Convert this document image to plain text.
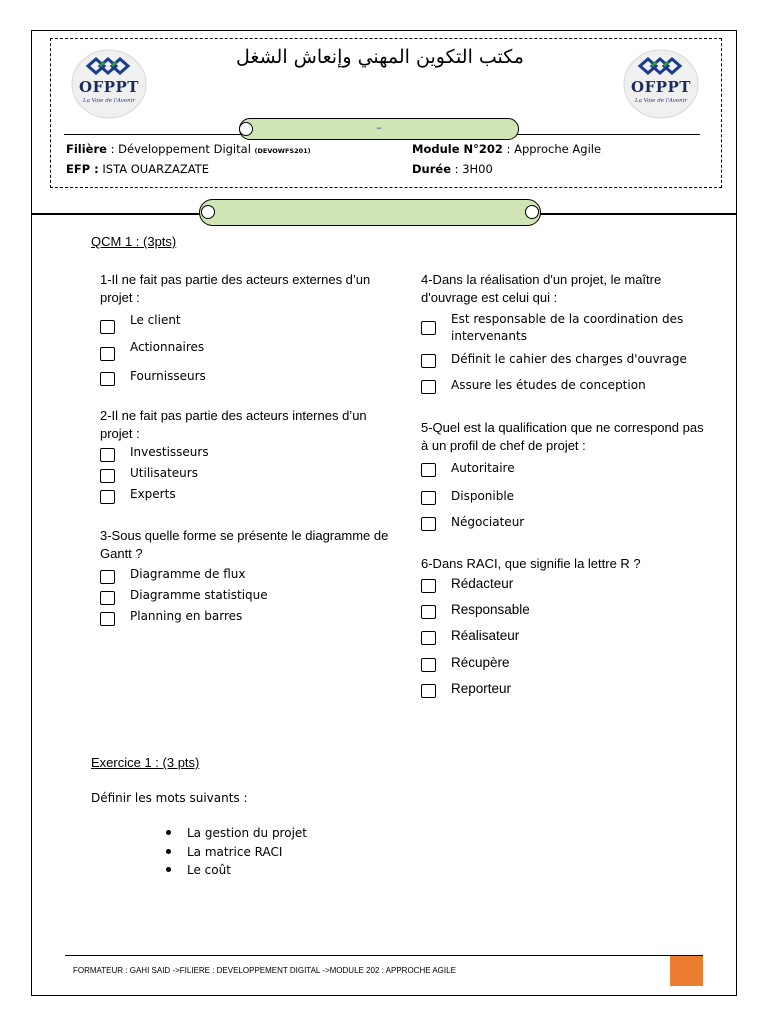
OFPPT
La Voie de l'Avenir
OFPPT
La Voie de l'Avenir
مكتب التكوين المهني وإنعاش الشغل
–
Filière : Développement Digital (DEVOWFS201)	Module N°202 : Approche Agile
EFP : ISTA OUARZAZATE	Durée : 3H00
QCM 1 : (3pts)
1-Il ne fait pas partie des acteurs externes d’un projet :
Le client
Actionnaires
Fournisseurs
2-Il ne fait pas partie des acteurs internes d’un projet :
Investisseurs
Utilisateurs
Experts
3-Sous quelle forme se présente le diagramme de Gantt ?
Diagramme de flux
Diagramme statistique
Planning en barres
4-Dans la réalisation d'un projet, le maître d'ouvrage est celui qui :
Est responsable de la coordination des intervenants
Définit le cahier des charges d'ouvrage
Assure les études de conception
5-Quel est la qualification que ne correspond pas à un profil de chef de projet :
Autoritaire
Disponible
Négociateur
6-Dans RACI, que signifie la lettre R ?
Rédacteur
Responsable
Réalisateur
Récupère
Reporteur
Exercice 1 : (3 pts)
Définir les mots suivants :
La gestion du projet
La matrice RACI
Le coût
FORMATEUR : GAHI SAID ->FILIERE : DEVELOPPEMENT DIGITAL ->MODULE 202 : APPROCHE AGILE
